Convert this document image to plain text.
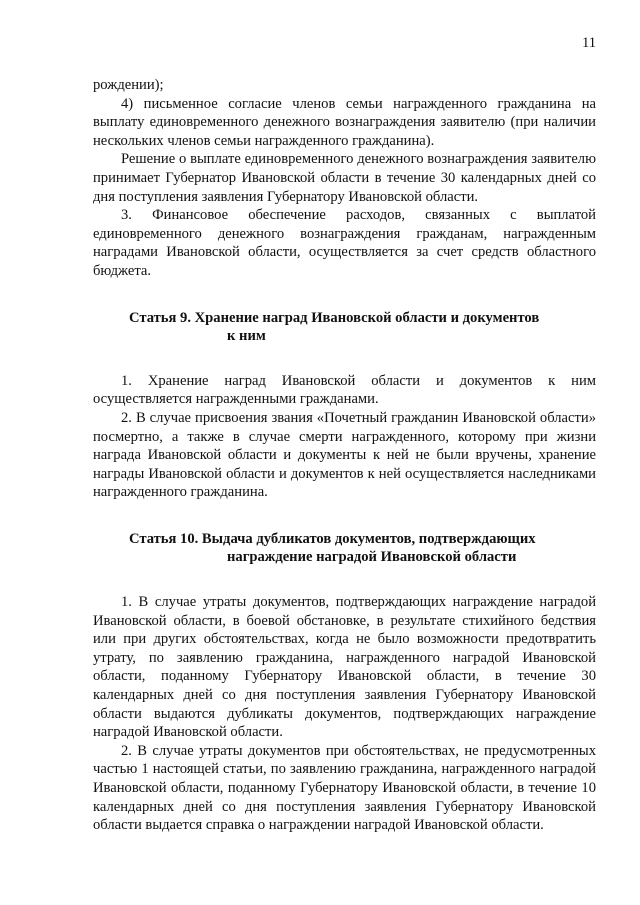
11

рождении);

4) письменное согласие членов семьи награжденного гражданина на выплату единовременного денежного вознаграждения заявителю (при наличии нескольких членов семьи награжденного гражданина).

Решение о выплате единовременного денежного вознаграждения заявителю принимает Губернатор Ивановской области в течение 30 календарных дней со дня поступления заявления Губернатору Ивановской области.

3. Финансовое обеспечение расходов, связанных с выплатой единовременного денежного вознаграждения гражданам, награжденным наградами Ивановской области, осуществляется за счет средств областного бюджета.

Статья 9. Хранение наград Ивановской области и документов
к ним

1. Хранение наград Ивановской области и документов к ним осуществляется награжденными гражданами.

2. В случае присвоения звания «Почетный гражданин Ивановской области» посмертно, а также в случае смерти награжденного, которому при жизни награда Ивановской области и документы к ней не были вручены, хранение награды Ивановской области и документов к ней осуществляется наследниками награжденного гражданина.

Статья 10. Выдача дубликатов документов, подтверждающих
награждение наградой Ивановской области

1. В случае утраты документов, подтверждающих награждение наградой Ивановской области, в боевой обстановке, в результате стихийного бедствия или при других обстоятельствах, когда не было возможности предотвратить утрату, по заявлению гражданина, награжденного наградой Ивановской области, поданному Губернатору Ивановской области, в течение 30 календарных дней со дня поступления заявления Губернатору Ивановской области выдаются дубликаты документов, подтверждающих награждение наградой Ивановской области.

2. В случае утраты документов при обстоятельствах, не предусмотренных частью 1 настоящей статьи, по заявлению гражданина, награжденного наградой Ивановской области, поданному Губернатору Ивановской области, в течение 10 календарных дней со дня поступления заявления Губернатору Ивановской области выдается справка о награждении наградой Ивановской области.
